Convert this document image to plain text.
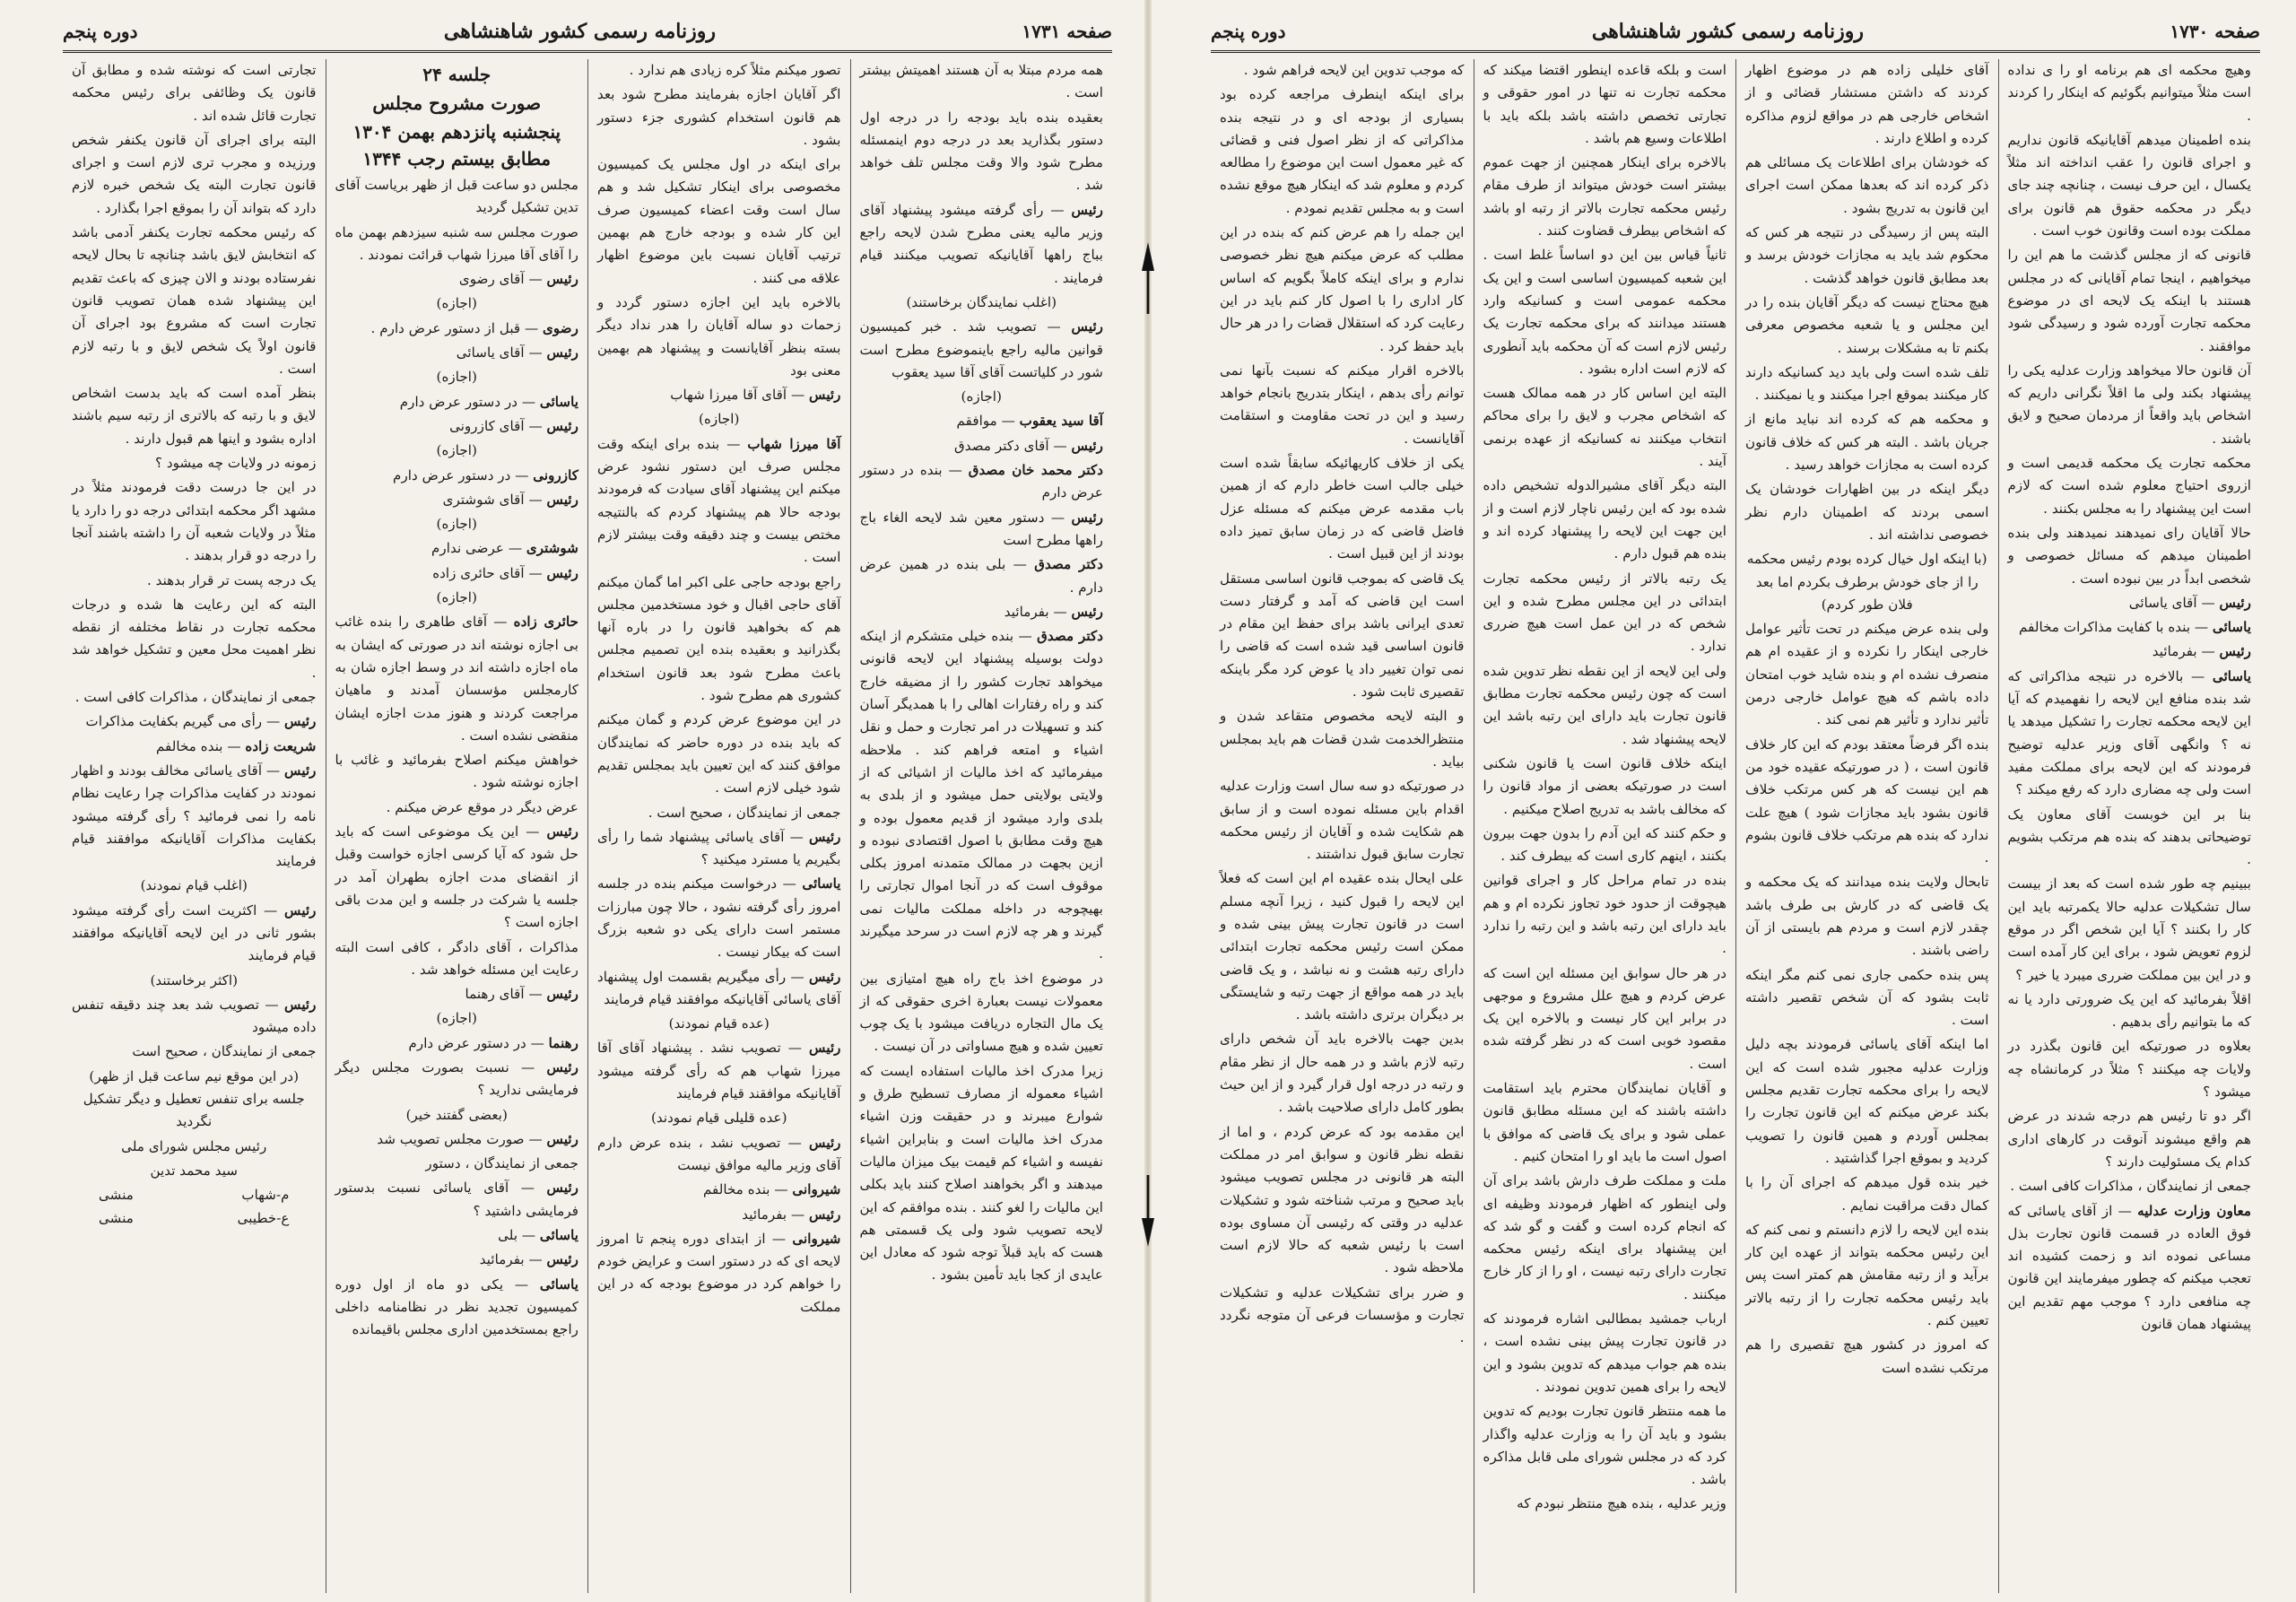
صفحه ۱۷۳۱
روزنامه رسمی کشور شاهنشاهی
دوره پنجم

همه مردم مبتلا به آن هستند اهمیتش بیشتر است .

بعقیده بنده باید بودجه را در درجه اول دستور بگذارید بعد در درجه دوم اینمسئله مطرح شود والا وقت مجلس تلف خواهد شد .

رئیس — رأی گرفته میشود پیشنهاد آقای وزیر مالیه یعنی مطرح شدن لایحه راجع بباج راهها آقایانیکه تصویب میکنند قیام فرمایند .

(اغلب نمایندگان برخاستند)

رئیس — تصویب شد . خبر کمیسیون قوانین مالیه راجع باینموضوع مطرح است شور در کلیاتست آقای آقا سید یعقوب

(اجازه)

آقا سید یعقوب — موافقم

رئیس — آقای دکتر مصدق

دکتر محمد خان مصدق — بنده در دستور عرض دارم

رئیس — دستور معین شد لایحه الغاء باج راهها مطرح است

دکتر مصدق — بلی بنده در همین عرض دارم .

رئیس — بفرمائید

دکتر مصدق — بنده خیلی متشکرم از اینکه دولت بوسیله پیشنهاد این لایحه قانونی میخواهد تجارت کشور را از مضیقه خارج کند و راه رفتارات اهالی را با همدیگر آسان کند و تسهیلات در امر تجارت و حمل و نقل اشیاء و امتعه فراهم کند . ملاحظه میفرمائید که اخذ مالیات از اشیائی که از ولایتی بولایتی حمل میشود و از بلدی به بلدی وارد میشود از قدیم معمول بوده و هیچ وقت مطابق با اصول اقتصادی نبوده و ازین بجهت در ممالک متمدنه امروز بکلی موقوف است که در آنجا اموال تجارتی را بهیچوجه در داخله مملکت مالیات نمی گیرند و هر چه لازم است در سرحد میگیرند .

در موضوع اخذ باج راه هیچ امتیازی بین معمولات نیست بعبارة اخری حقوقی که از یک مال التجاره دریافت میشود با یک چوب تعیین شده و هیچ مساواتی در آن نیست .

زیرا مدرک اخذ مالیات استفاده ایست که اشیاء معموله از مصارف تسطیح طرق و شوارع میبرند و در حقیقت وزن اشیاء مدرک اخذ مالیات است و بنابراین اشیاء نفیسه و اشیاء کم قیمت بیک میزان مالیات میدهند و اگر بخواهند اصلاح کنند باید بکلی این مالیات را لغو کنند . بنده موافقم که این لایحه تصویب شود ولی یک قسمتی هم هست که باید قبلاً توجه شود که معادل این عایدی از کجا باید تأمین بشود .

تصور میکنم مثلاً کره زیادی هم ندارد .

اگر آقایان اجازه بفرمایند مطرح شود بعد هم قانون استخدام کشوری جزء دستور بشود .

برای اینکه در اول مجلس یک کمیسیون مخصوصی برای اینکار تشکیل شد و هم سال است وقت اعضاء کمیسیون صرف این کار شده و بودجه خارج هم بهمین ترتیب آقایان نسبت باین موضوع اظهار علاقه می کنند .

بالاخره باید این اجازه دستور گردد و زحمات دو ساله آقایان را هدر نداد دیگر بسته بنظر آقایانست و پیشنهاد هم بهمین معنی بود

رئیس — آقای آقا میرزا شهاب

(اجازه)

آقا میرزا شهاب — بنده برای اینکه وقت مجلس صرف این دستور نشود عرض میکنم این پیشنهاد آقای سیادت که فرمودند بودجه حالا هم پیشنهاد کردم که بالنتیجه مختص بیست و چند دقیقه وقت بیشتر لازم است .

راجع بودجه حاجی علی اکبر اما گمان میکنم آقای حاجی اقبال و خود مستخدمین مجلس هم که بخواهید قانون را در باره آنها بگذرانید و بعقیده بنده این تصمیم مجلس باعث مطرح شود بعد قانون استخدام کشوری هم مطرح شود .

در این موضوع عرض کردم و گمان میکنم که باید بنده در دوره حاضر که نمایندگان موافق کنند که این تعیین باید بمجلس تقدیم شود خیلی لازم است .

جمعی از نمایندگان ، صحیح است .

رئیس — آقای یاسائی پیشنهاد شما را رأی بگیریم یا مسترد میکنید ؟

یاسائی — درخواست میکنم بنده در جلسه امروز رأی گرفته نشود ، حالا چون مبارزات مستمر است دارای یکی دو شعبه بزرگ است که بیکار نیست .

رئیس — رأی میگیریم بقسمت اول پیشنهاد آقای یاسائی آقایانیکه موافقند قیام فرمایند

(عده قیام نمودند)

رئیس — تصویب نشد . پیشنهاد آقای آقا میرزا شهاب هم که رأی گرفته میشود آقایانیکه موافقند قیام فرمایند

(عده قلیلی قیام نمودند)

رئیس — تصویب نشد ، بنده عرض دارم آقای وزیر مالیه موافق نیست

شیروانی — بنده مخالفم

رئیس — بفرمائید

شیروانی — از ابتدای دوره پنجم تا امروز لایحه ای که در دستور است و عرایض خودم را خواهم کرد در موضوع بودجه که در این مملکت

جلسه ۲۴
صورت مشروح مجلس
پنجشنبه پانزدهم بهمن ۱۳۰۴ مطابق بیستم رجب ۱۳۴۴

مجلس دو ساعت قبل از ظهر بریاست آقای تدین تشکیل گردید

صورت مجلس سه شنبه سیزدهم بهمن ماه را آقای آقا میرزا شهاب قرائت نمودند .

رئیس — آقای رضوی

(اجازه)

رضوی — قبل از دستور عرض دارم .

رئیس — آقای یاسائی

(اجازه)

یاسائی — در دستور عرض دارم

رئیس — آقای کازرونی

(اجازه)

کازرونی — در دستور عرض دارم

رئیس — آقای شوشتری

(اجازه)

شوشتری — عرضی ندارم

رئیس — آقای حائری زاده

(اجازه)

حائری زاده — آقای طاهری را بنده غائب بی اجازه نوشته اند در صورتی که ایشان به ماه اجازه داشته اند در وسط اجازه شان به کارمجلس مؤسسان آمدند و ماهیان مراجعت کردند و هنوز مدت اجازه ایشان منقضی نشده است .

خواهش میکنم اصلاح بفرمائید و غائب با اجازه نوشته شود .

عرض دیگر در موقع عرض میکنم .

رئیس — این یک موضوعی است که باید حل شود که آیا کرسی اجازه خواست وقبل از انقضای مدت اجازه بطهران آمد در جلسه یا شرکت در جلسه و این مدت باقی اجازه است ؟

مذاکرات ، آقای دادگر ، کافی است البته رعایت این مسئله خواهد شد .

رئیس — آقای رهنما

(اجازه)

رهنما — در دستور عرض دارم

رئیس — نسبت بصورت مجلس دیگر فرمایشی ندارید ؟

(بعضی گفتند خیر)

رئیس — صورت مجلس تصویب شد

جمعی از نمایندگان ، دستور

رئیس — آقای یاسائی نسبت بدستور فرمایشی داشتید ؟

یاسائی — بلی

رئیس — بفرمائید

یاسائی — یکی دو ماه از اول دوره کمیسیون تجدید نظر در نظامنامه داخلی راجع بمستخدمین اداری مجلس باقیمانده

تجارتی است که نوشته شده و مطابق آن قانون یک وظائفی برای رئیس محکمه تجارت قائل شده اند .

البته برای اجرای آن قانون یکنفر شخص ورزیده و مجرب تری لازم است و اجرای قانون تجارت البته یک شخص خبره لازم دارد که بتواند آن را بموقع اجرا بگذارد .

که رئیس محکمه تجارت یکنفر آدمی باشد که انتخابش لایق باشد چنانچه تا بحال لایحه نفرستاده بودند و الان چیزی که باعث تقدیم این پیشنهاد شده همان تصویب قانون تجارت است که مشروع بود اجرای آن قانون اولاً یک شخص لایق و با رتبه لازم است .

بنظر آمده است که باید بدست اشخاص لایق و با رتبه که بالاتری از رتبه سیم باشند اداره بشود و اینها هم قبول دارند .

زمونه در ولایات چه میشود ؟

در این جا درست دقت فرمودند مثلاً در مشهد اگر محکمه ابتدائی درجه دو را دارد یا مثلاً در ولایات شعبه آن را داشته باشند آنجا را درجه دو قرار بدهند .

یک درجه پست تر قرار بدهند .

البته که این رعایت ها شده و درجات محکمه تجارت در نقاط مختلفه از نقطه نظر اهمیت محل معین و تشکیل خواهد شد .

جمعی از نمایندگان ، مذاکرات کافی است .

رئیس — رأی می گیریم بکفایت مذاکرات

شریعت زاده — بنده مخالفم

رئیس — آقای یاسائی مخالف بودند و اظهار نمودند در کفایت مذاکرات چرا رعایت نظام نامه را نمی فرمائید ؟ رأی گرفته میشود بکفایت مذاکرات آقایانیکه موافقند قیام فرمایند

(اغلب قیام نمودند)

رئیس — اکثریت است رأی گرفته میشود بشور ثانی در این لایحه آقایانیکه موافقند قیام فرمایند

(اکثر برخاستند)

رئیس — تصویب شد بعد چند دقیقه تنفس داده میشود

جمعی از نمایندگان ، صحیح است

(در این موقع نیم ساعت قبل از ظهر) جلسه برای تنفس تعطیل و دیگر تشکیل نگردید
رئیس مجلس شورای ملی
سید محمد تدین
م-شهاب
منشی
ع-خطیبی
منشی
صفحه ۱۷۳۰
روزنامه رسمی کشور شاهنشاهی
دوره پنجم

وهیچ محکمه ای هم برنامه او را ی نداده است مثلاً میتوانیم بگوئیم که اینکار را کردند .

بنده اطمینان میدهم آقایانیکه قانون نداریم و اجرای قانون را عقب انداخته اند مثلاً یکسال ، این حرف نیست ، چنانچه چند جای دیگر در محکمه حقوق هم قانون برای مملکت بوده است وقانون خوب است .

قانونی که از مجلس گذشت ما هم این را میخواهیم ، اینجا تمام آقایانی که در مجلس هستند با اینکه یک لایحه ای در موضوع محکمه تجارت آورده شود و رسیدگی شود موافقند .

آن قانون حالا میخواهد وزارت عدلیه یکی را پیشنهاد بکند ولی ما اقلاً نگرانی داریم که اشخاص باید واقعاً از مردمان صحیح و لایق باشند .

محکمه تجارت یک محکمه قدیمی است و ازروی احتیاج معلوم شده است که لازم است این پیشنهاد را به مجلس بکنند .

حالا آقایان رای نمیدهند نمیدهند ولی بنده اطمینان میدهم که مسائل خصوصی و شخصی ابداً در بین نبوده است .

رئیس — آقای یاسائی

یاسائی — بنده با کفایت مذاکرات مخالفم

رئیس — بفرمائید

یاسائی — بالاخره در نتیجه مذاکراتی که شد بنده منافع این لایحه را نفهمیدم که آیا این لایحه محکمه تجارت را تشکیل میدهد یا نه ؟ وانگهی آقای وزیر عدلیه توضیح فرمودند که این لایحه برای مملکت مفید است ولی چه مضاری دارد که رفع میکند ؟

بنا بر این خوبست آقای معاون یک توضیحاتی بدهند که بنده هم مرتکب بشویم .

ببینیم چه طور شده است که بعد از بیست سال تشکیلات عدلیه حالا یکمرتبه باید این کار را بکنند ؟ آیا این شخص اگر در موقع لزوم تعویض شود ، برای این کار آمده است و در این بین مملکت ضرری میبرد یا خیر ؟

اقلاً بفرمائید که این یک ضرورتی دارد یا نه که ما بتوانیم رأی بدهیم .

بعلاوه در صورتیکه این قانون بگذرد در ولایات چه میکنند ؟ مثلاً در کرمانشاه چه میشود ؟

اگر دو تا رئیس هم درجه شدند در عرض هم واقع میشوند آنوقت در کارهای اداری کدام یک مسئولیت دارند ؟

جمعی از نمایندگان ، مذاکرات کافی است .

معاون وزارت عدلیه — از آقای یاسائی که فوق العاده در قسمت قانون تجارت بذل مساعی نموده اند و زحمت کشیده اند تعجب میکنم که چطور میفرمایند این قانون چه منافعی دارد ؟ موجب مهم تقدیم این پیشنهاد همان قانون

آقای خلیلی زاده هم در موضوع اظهار کردند که داشتن مستشار قضائی و از اشخاص خارجی هم در مواقع لزوم مذاکره کرده و اطلاع دارند .

که خودشان برای اطلاعات یک مسائلی هم ذکر کرده اند که بعدها ممکن است اجرای این قانون به تدریج بشود .

البته پس از رسیدگی در نتیجه هر کس که محکوم شد باید به مجازات خودش برسد و بعد مطابق قانون خواهد گذشت .

هیچ محتاج نیست که دیگر آقایان بنده را در این مجلس و یا شعبه مخصوص معرفی بکنم تا به مشکلات برسند .

تلف شده است ولی باید دید کسانیکه دارند کار میکنند بموقع اجرا میکنند و یا نمیکنند .

و محکمه هم که کرده اند نباید مانع از جریان باشد . البته هر کس که خلاف قانون کرده است به مجازات خواهد رسید .

دیگر اینکه در بین اظهارات خودشان یک اسمی بردند که اطمینان دارم نظر خصوصی نداشته اند .

(با اینکه اول خیال کرده بودم رئیس محکمه را از جای خودش برطرف بکردم اما بعد فلان طور کردم)

ولی بنده عرض میکنم در تحت تأثیر عوامل خارجی اینکار را نکرده و از عقیده ام هم منصرف نشده ام و بنده شاید خوب امتحان داده باشم که هیچ عوامل خارجی درمن تأثیر ندارد و تأثیر هم نمی کند .

بنده اگر فرضاً معتقد بودم که این کار خلاف قانون است ، ( در صورتیکه عقیده خود من هم این نیست که هر کس مرتکب خلاف قانون بشود باید مجازات شود ) هیچ علت ندارد که بنده هم مرتکب خلاف قانون بشوم .

تابحال ولایت بنده میدانند که یک محکمه و یک قاضی که در کارش بی طرف باشد چقدر لازم است و مردم هم بایستی از آن راضی باشند .

پس بنده حکمی جاری نمی کنم مگر اینکه ثابت بشود که آن شخص تقصیر داشته است .

اما اینکه آقای یاسائی فرمودند بچه دلیل وزارت عدلیه مجبور شده است که این لایحه را برای محکمه تجارت تقدیم مجلس بکند عرض میکنم که این قانون تجارت را بمجلس آوردم و همین قانون را تصویب کردید و بموقع اجرا گذاشتید .

خیر بنده قول میدهم که اجرای آن را با کمال دقت مراقبت نمایم .

بنده این لایحه را لازم دانستم و نمی کنم که این رئیس محکمه بتواند از عهده این کار برآید و از رتبه مقامش هم کمتر است پس باید رئیس محکمه تجارت را از رتبه بالاتر تعیین کنم .

که امروز در کشور هیچ تقصیری را هم مرتکب نشده است

است و بلکه قاعده اینطور اقتضا میکند که محکمه تجارت نه تنها در امور حقوقی و تجارتی تخصص داشته باشد بلکه باید با اطلاعات وسیع هم باشد .

بالاخره برای اینکار همچنین از جهت عموم بیشتر است خودش میتواند از طرف مقام رئیس محکمه تجارت بالاتر از رتبه او باشد که اشخاص بیطرف قضاوت کنند .

ثانیاً قیاس بین این دو اساساً غلط است . این شعبه کمیسیون اساسی است و این یک محکمه عمومی است و کسانیکه وارد هستند میدانند که برای محکمه تجارت یک رئیس لازم است که آن محکمه باید آنطوری که لازم است اداره بشود .

البته این اساس کار در همه ممالک هست که اشخاص مجرب و لایق را برای محاکم انتخاب میکنند نه کسانیکه از عهده برنمی آیند .

البته دیگر آقای مشیرالدوله تشخیص داده شده بود که این رئیس ناچار لازم است و از این جهت این لایحه را پیشنهاد کرده اند و بنده هم قبول دارم .

یک رتبه بالاتر از رئیس محکمه تجارت ابتدائی در این مجلس مطرح شده و این شخص که در این عمل است هیچ ضرری ندارد .

ولی این لایحه از این نقطه نظر تدوین شده است که چون رئیس محکمه تجارت مطابق قانون تجارت باید دارای این رتبه باشد این لایحه پیشنهاد شد .

اینکه خلاف قانون است یا قانون شکنی است در صورتیکه بعضی از مواد قانون را که مخالف باشد به تدریج اصلاح میکنیم .

و حکم کنند که این آدم را بدون جهت بیرون بکنند ، اینهم کاری است که بیطرف کند .

بنده در تمام مراحل کار و اجرای قوانین هیچوقت از حدود خود تجاوز نکرده ام و هم باید دارای این رتبه باشد و این رتبه را ندارد .

در هر حال سوابق این مسئله این است که عرض کردم و هیچ علل مشروع و موجهی در برابر این کار نیست و بالاخره این یک مقصود خوبی است که در نظر گرفته شده است .

و آقایان نمایندگان محترم باید استقامت داشته باشند که این مسئله مطابق قانون عملی شود و برای یک قاضی که موافق با اصول است ما باید او را امتحان کنیم .

ملت و مملکت طرف دارش باشد برای آن ولی اینطور که اظهار فرمودند وظیفه ای که انجام کرده است و گفت و گو شد که این پیشنهاد برای اینکه رئیس محکمه تجارت دارای رتبه نیست ، او را از کار خارج میکنند .

ارباب جمشید بمطالبی اشاره فرمودند که در قانون تجارت پیش بینی نشده است ، بنده هم جواب میدهم که تدوین بشود و این لایحه را برای همین تدوین نمودند .

ما همه منتظر قانون تجارت بودیم که تدوین بشود و باید آن را به وزارت عدلیه واگذار کرد که در مجلس شورای ملی قابل مذاکره باشد .

وزیر عدلیه ، بنده هیچ منتظر نبودم که

که موجب تدوین این لایحه فراهم شود .

برای اینکه اینطرف مراجعه کرده بود بسیاری از بودجه ای و در نتیجه بنده مذاکراتی که از نظر اصول فنی و قضائی که غیر معمول است این موضوع را مطالعه کردم و معلوم شد که اینکار هیچ موقع نشده است و به مجلس تقدیم نمودم .

این جمله را هم عرض کنم که بنده در این مطلب که عرض میکنم هیچ نظر خصوصی ندارم و برای اینکه کاملاً بگویم که اساس کار اداری را با اصول کار کنم باید در این رعایت کرد که استقلال قضات را در هر حال باید حفظ کرد .

بالاخره اقرار میکنم که نسبت بآنها نمی توانم رأی بدهم ، اینکار بتدریج بانجام خواهد رسید و این در تحت مقاومت و استقامت آقایانست .

یکی از خلاف کاریهائیکه سابقاً شده است خیلی جالب است خاطر دارم که از همین باب مقدمه عرض میکنم که مسئله عزل فاضل قاضی که در زمان سابق تمیز داده بودند از این قبیل است .

یک قاضی که بموجب قانون اساسی مستقل است این قاضی که آمد و گرفتار دست تعدی ایرانی باشد برای حفظ این مقام در قانون اساسی قید شده است که قاضی را نمی توان تغییر داد یا عوض کرد مگر باینکه تقصیری ثابت شود .

و البته لایحه مخصوص متقاعد شدن و منتظرالخدمت شدن قضات هم باید بمجلس بیاید .

در صورتیکه دو سه سال است وزارت عدلیه اقدام باین مسئله نموده است و از سابق هم شکایت شده و آقایان از رئیس محکمه تجارت سابق قبول نداشتند .

علی ایحال بنده عقیده ام این است که فعلاً این لایحه را قبول کنید ، زیرا آنچه مسلم است در قانون تجارت پیش بینی شده و ممکن است رئیس محکمه تجارت ابتدائی دارای رتبه هشت و نه نباشد ، و یک قاضی باید در همه مواقع از جهت رتبه و شایستگی بر دیگران برتری داشته باشد .

بدین جهت بالاخره باید آن شخص دارای رتبه لازم باشد و در همه حال از نظر مقام و رتبه در درجه اول قرار گیرد و از این حیث بطور کامل دارای صلاحیت باشد .

این مقدمه بود که عرض کردم ، و اما از نقطه نظر قانون و سوابق امر در مملکت البته هر قانونی در مجلس تصویب میشود باید صحیح و مرتب شناخته شود و تشکیلات عدلیه در وقتی که رئیسی آن مساوی بوده است با رئیس شعبه که حالا لازم است ملاحظه شود .

و ضرر برای تشکیلات عدلیه و تشکیلات تجارت و مؤسسات فرعی آن متوجه نگردد .
